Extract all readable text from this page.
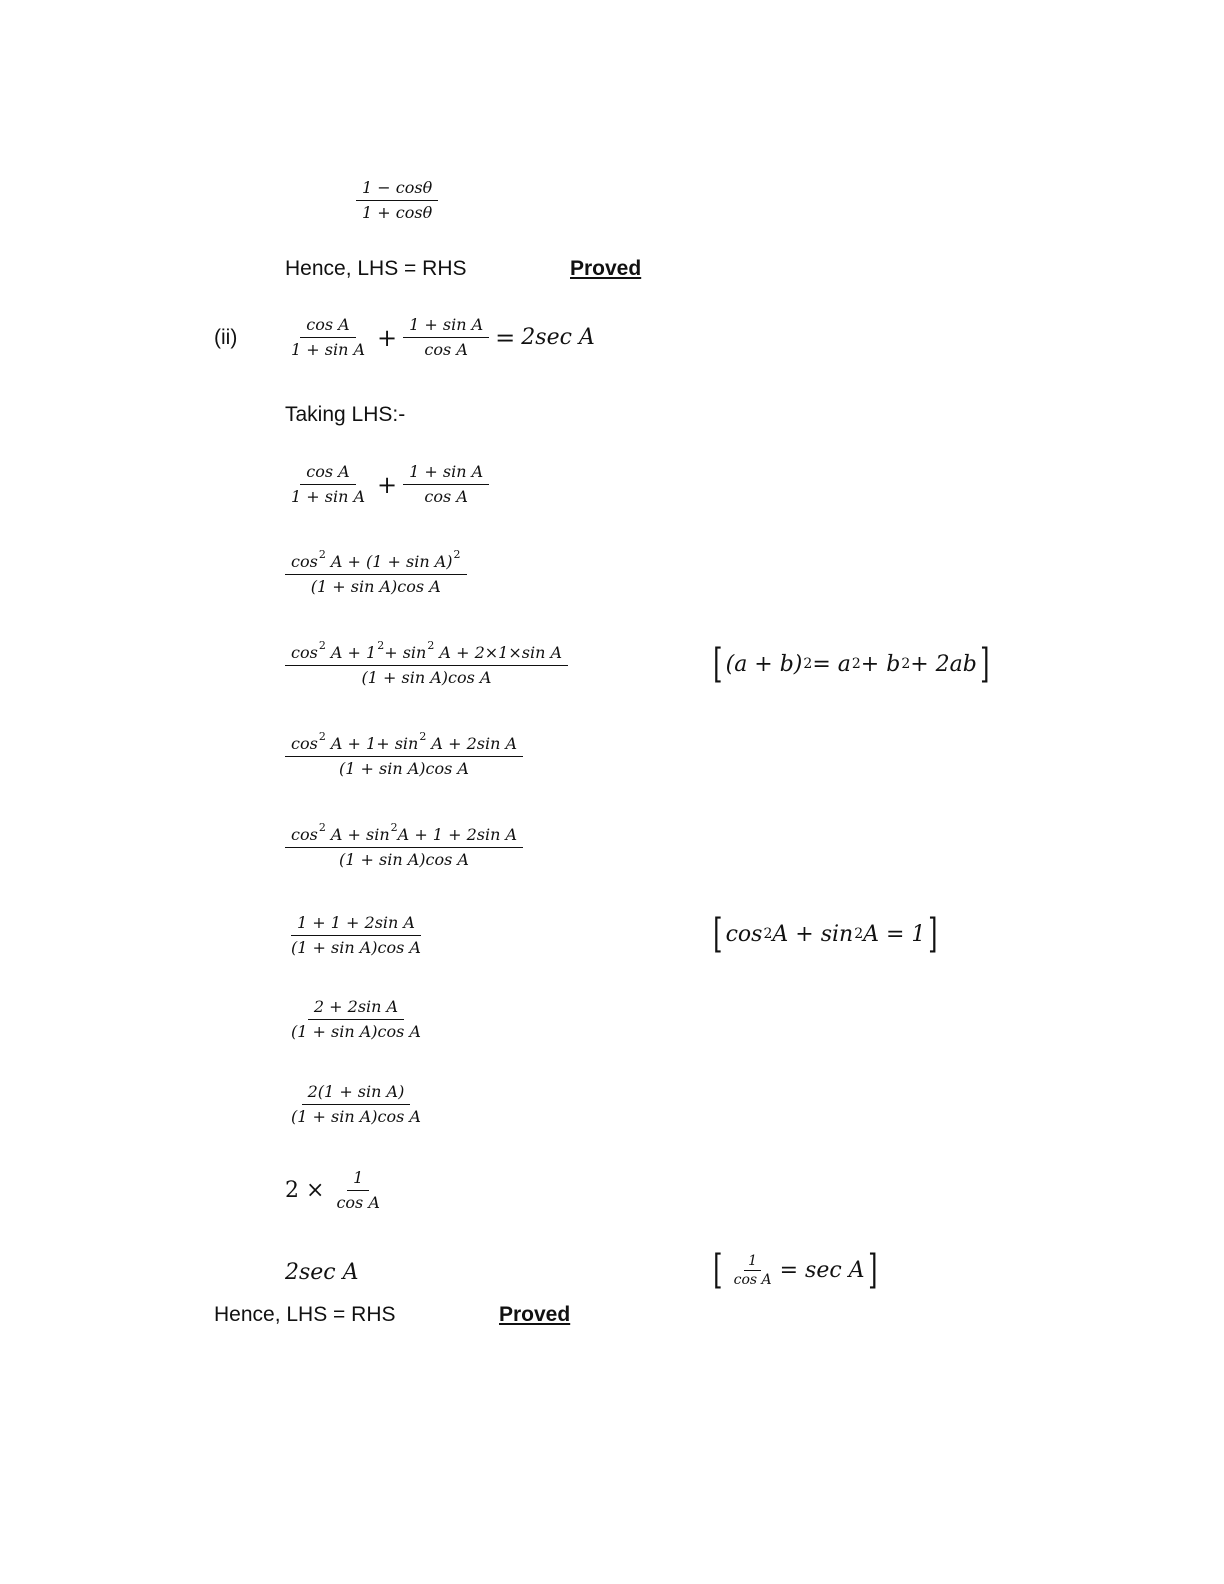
$\frac{1 - \cos\theta}{1 + \cos\theta}$
Hence, LHS = RHS	Proved
(ii)	$\frac{\text{cos A}}{\text{1 + sin A}} + \frac{\text{1 + sin A}}{\text{cos A}} = 2\sec$ A
Taking LHS:-
$\frac{\text{cos A}}{\text{1 + sin A}} + \frac{\text{1 + sin A}}{\text{cos A}}$
$\frac{\cos^2 A + (1 + \sin A)^2}{\text{(1 + sin A)cos A}}$
$\frac{\cos^2 A + 1^2+ \sin^2 A + 2\times 1\times\sin A}{\text{(1 + sin A)cos A}}$	[ (a + b) 2 = a 2 + b 2 + 2ab ]
$\frac{\cos^2 A + 1+ \sin^2 A + 2\sin A}{\text{(1 + sin A)cos A}}$
$\frac{\cos^2 A + \sin^2A + 1 + 2\sin A}{\text{(1 + sin A)cos A}}$
$\frac{\text{1 + 1 + 2sin A}}{\text{(1 + sin A)cos A}}$	[ cos 2 A + sin 2 A = 1 ]
$\frac{\text{2 + 2sin A}}{\text{(1 + sin A)cos A}}$
$\frac{\text{2(1 + sin A)}}{\text{(1 + sin A)cos A}}$
$2 \times \frac{1}{\text{cos A}}$
2sec A	[ $\frac{1}{\text{cos A}} = \sec A$ ]
Hence, LHS = RHS	Proved
